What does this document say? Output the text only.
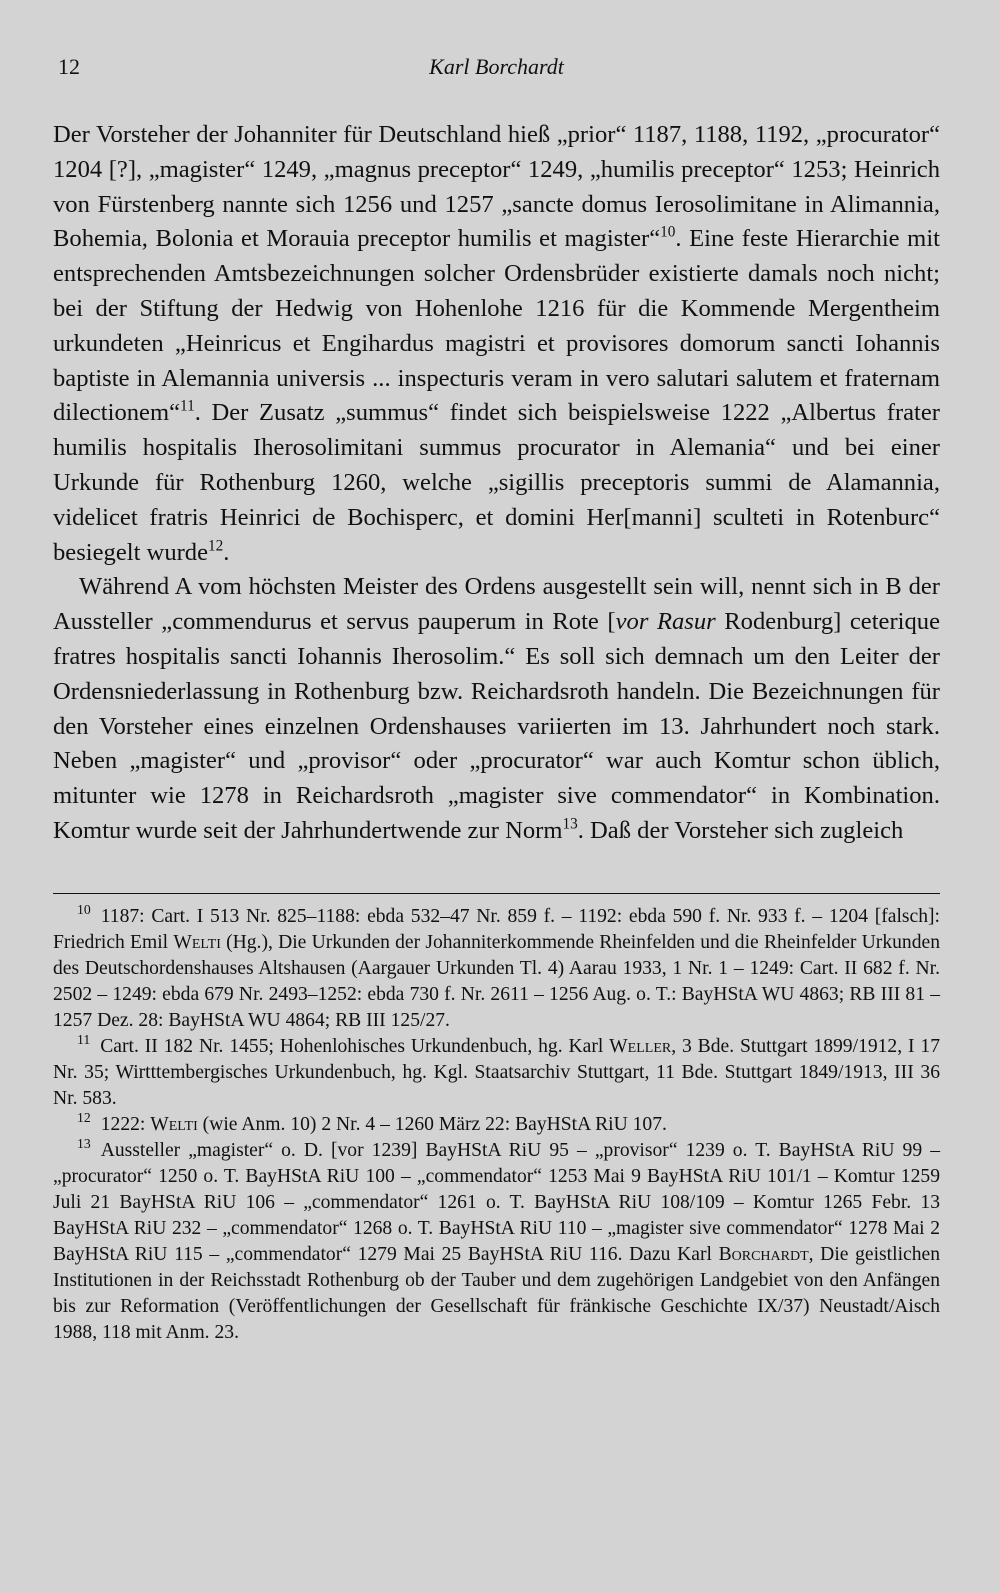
12	Karl Borchardt

Der Vorsteher der Johanniter für Deutschland hieß „prior“ 1187, 1188, 1192, „procurator“ 1204 [?], „magister“ 1249, „magnus preceptor“ 1249, „humilis preceptor“ 1253; Heinrich von Fürstenberg nannte sich 1256 und 1257 „sancte domus Ierosolimitane in Alimannia, Bohemia, Bolonia et Morauia preceptor humilis et magister“$^{10}$. Eine feste Hierarchie mit entsprechenden Amtsbezeichnungen solcher Ordensbrüder existierte damals noch nicht; bei der Stiftung der Hedwig von Hohenlohe 1216 für die Kommende Mergentheim urkundeten „Heinricus et Engihardus magistri et provisores domorum sancti Iohannis baptiste in Alemannia universis ... inspecturis veram in vero salutari salutem et fraternam dilectionem“$^{11}$. Der Zusatz „summus“ findet sich beispielsweise 1222 „Albertus frater humilis hospitalis Iherosolimitani summus procurator in Alemania“ und bei einer Urkunde für Rothenburg 1260, welche „sigillis preceptoris summi de Alamannia, videlicet fratris Heinrici de Bochisperc, et domini Her[manni] sculteti in Rotenburc“ besiegelt wurde$^{12}$.

Während A vom höchsten Meister des Ordens ausgestellt sein will, nennt sich in B der Aussteller „commendurus et servus pauperum in Rote [vor Rasur Rodenburg] ceterique fratres hospitalis sancti Iohannis Iherosolim.“ Es soll sich demnach um den Leiter der Ordensniederlassung in Rothenburg bzw. Reichardsroth handeln. Die Bezeichnungen für den Vorsteher eines einzelnen Ordenshauses variierten im 13. Jahrhundert noch stark. Neben „magister“ und „provisor“ oder „procurator“ war auch Komtur schon üblich, mitunter wie 1278 in Reichardsroth „magister sive commendator“ in Kombination. Komtur wurde seit der Jahrhundertwende zur Norm$^{13}$. Daß der Vorsteher sich zugleich

$^{10}$ 1187: Cart. I 513 Nr. 825–1188: ebda 532–47 Nr. 859 f. – 1192: ebda 590 f. Nr. 933 f. – 1204 [falsch]: Friedrich Emil Welti (Hg.), Die Urkunden der Johanniterkommende Rheinfelden und die Rheinfelder Urkunden des Deutschordenshauses Altshausen (Aargauer Urkunden Tl. 4) Aarau 1933, 1 Nr. 1 – 1249: Cart. II 682 f. Nr. 2502 – 1249: ebda 679 Nr. 2493–1252: ebda 730 f. Nr. 2611 – 1256 Aug. o. T.: BayHStA WU 4863; RB III 81 – 1257 Dez. 28: BayHStA WU 4864; RB III 125/27.

$^{11}$ Cart. II 182 Nr. 1455; Hohenlohisches Urkundenbuch, hg. Karl Weller, 3 Bde. Stuttgart 1899/1912, I 17 Nr. 35; Wirtttembergisches Urkundenbuch, hg. Kgl. Staatsarchiv Stuttgart, 11 Bde. Stuttgart 1849/1913, III 36 Nr. 583.

$^{12}$ 1222: Welti (wie Anm. 10) 2 Nr. 4 – 1260 März 22: BayHStA RiU 107.

$^{13}$ Aussteller „magister“ o. D. [vor 1239] BayHStA RiU 95 – „provisor“ 1239 o. T. BayHStA RiU 99 – „procurator“ 1250 o. T. BayHStA RiU 100 – „commendator“ 1253 Mai 9 BayHStA RiU 101/1 – Komtur 1259 Juli 21 BayHStA RiU 106 – „commendator“ 1261 o. T. BayHStA RiU 108/109 – Komtur 1265 Febr. 13 BayHStA RiU 232 – „commendator“ 1268 o. T. BayHStA RiU 110 – „magister sive commendator“ 1278 Mai 2 BayHStA RiU 115 – „commendator“ 1279 Mai 25 BayHStA RiU 116. Dazu Karl Borchardt, Die geistlichen Institutionen in der Reichsstadt Rothenburg ob der Tauber und dem zugehörigen Landgebiet von den Anfängen bis zur Reformation (Veröffentlichungen der Gesellschaft für fränkische Geschichte IX/37) Neustadt/Aisch 1988, 118 mit Anm. 23.
